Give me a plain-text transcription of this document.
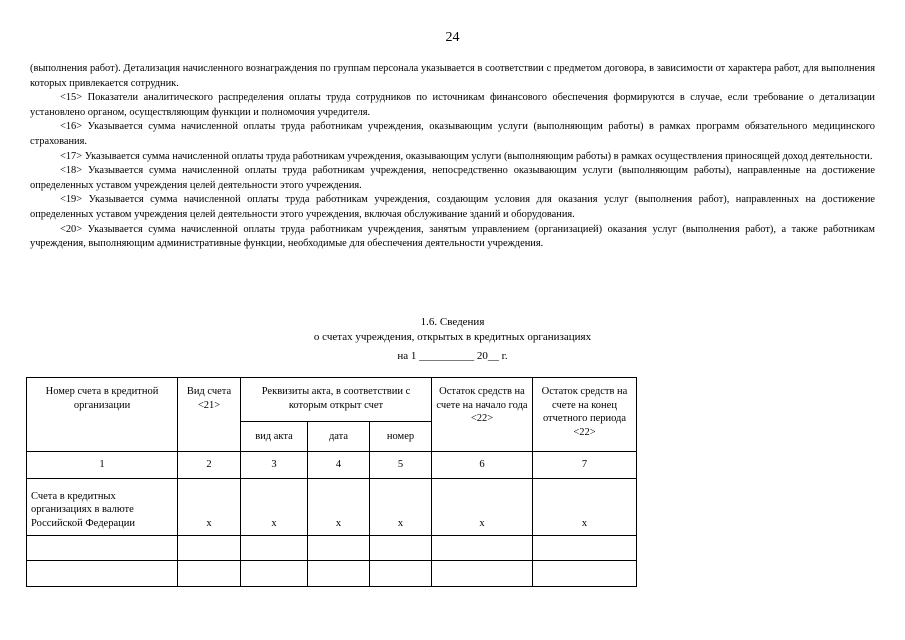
24

(выполнения работ). Детализация начисленного вознаграждения по группам персонала указывается в соответствии с предметом договора, в зависимости от характера работ, для выполнения которых привлекается сотрудник.

<15> Показатели аналитического распределения оплаты труда сотрудников по источникам финансового обеспечения формируются в случае, если требование о детализации установлено органом, осуществляющим функции и полномочия учредителя.

<16> Указывается сумма начисленной оплаты труда работникам учреждения, оказывающим услуги (выполняющим работы) в рамках программ обязательного медицинского страхования.

<17> Указывается сумма начисленной оплаты труда работникам учреждения, оказывающим услуги (выполняющим работы) в рамках осуществления приносящей доход деятельности.

<18> Указывается сумма начисленной оплаты труда работникам учреждения, непосредственно оказывающим услуги (выполняющим работы), направленные на достижение определенных уставом учреждения целей деятельности этого учреждения.

<19> Указывается сумма начисленной оплаты труда работникам учреждения, создающим условия для оказания услуг (выполнения работ), направленных на достижение определенных уставом учреждения целей деятельности этого учреждения, включая обслуживание зданий и оборудования.

<20> Указывается сумма начисленной оплаты труда работникам учреждения, занятым управлением (организацией) оказания услуг (выполнения работ), а также работникам учреждения, выполняющим административные функции, необходимые для обеспечения деятельности учреждения.

1.6. Сведения
о счетах учреждения, открытых в кредитных организациях
на 1 __________ 20__ г.
Номер счета в кредитной организации	Вид счета <21>	Реквизиты акта, в соответствии с которым открыт счет			Остаток средств на счете на начало года <22>	Остаток средств на счете на конец отчетного периода <22>
		вид акта	дата	номер		
1	2	3	4	5	6	7
Счета в кредитных организациях в валюте Российской Федерации	x	x	x	x	x	x
